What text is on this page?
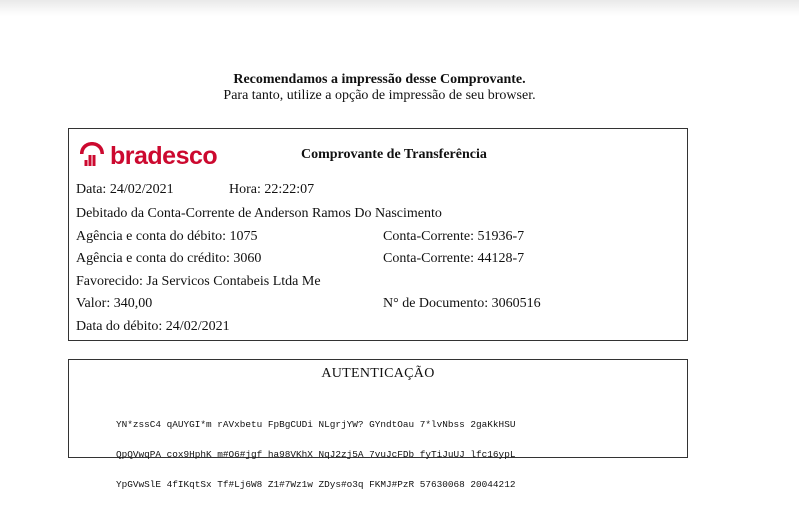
Recomendamos a impressão desse Comprovante.
Para tanto, utilize a opção de impressão de seu browser.
bradesco	Comprovante de Transferência
Data: 24/02/2021	Hora: 22:22:07
Debitado da Conta-Corrente de Anderson Ramos Do Nascimento
Agência e conta do débito: 1075	Conta-Corrente: 51936-7
Agência e conta do crédito: 3060	Conta-Corrente: 44128-7
Favorecido: Ja Servicos Contabeis Ltda Me
Valor: 340,00	N° de Documento: 3060516
Data do débito: 24/02/2021
AUTENTICAÇÃO

YN*zssC4 qAUYGI*m rAVxbetu FpBgCUDi NLgrjYW? GYndtOau 7*lvNbss 2gaKkHSU

QpQVwqPA cox9HphK m#O6#jgf ha98VKhX NqJ2zj5A 7vuJcFDb fyTiJuUJ lfc16ypL

YpGVwSlE 4fIKqtSx Tf#Lj6W8 Z1#7Wz1w ZDys#o3q FKMJ#PzR 57630068 20044212
